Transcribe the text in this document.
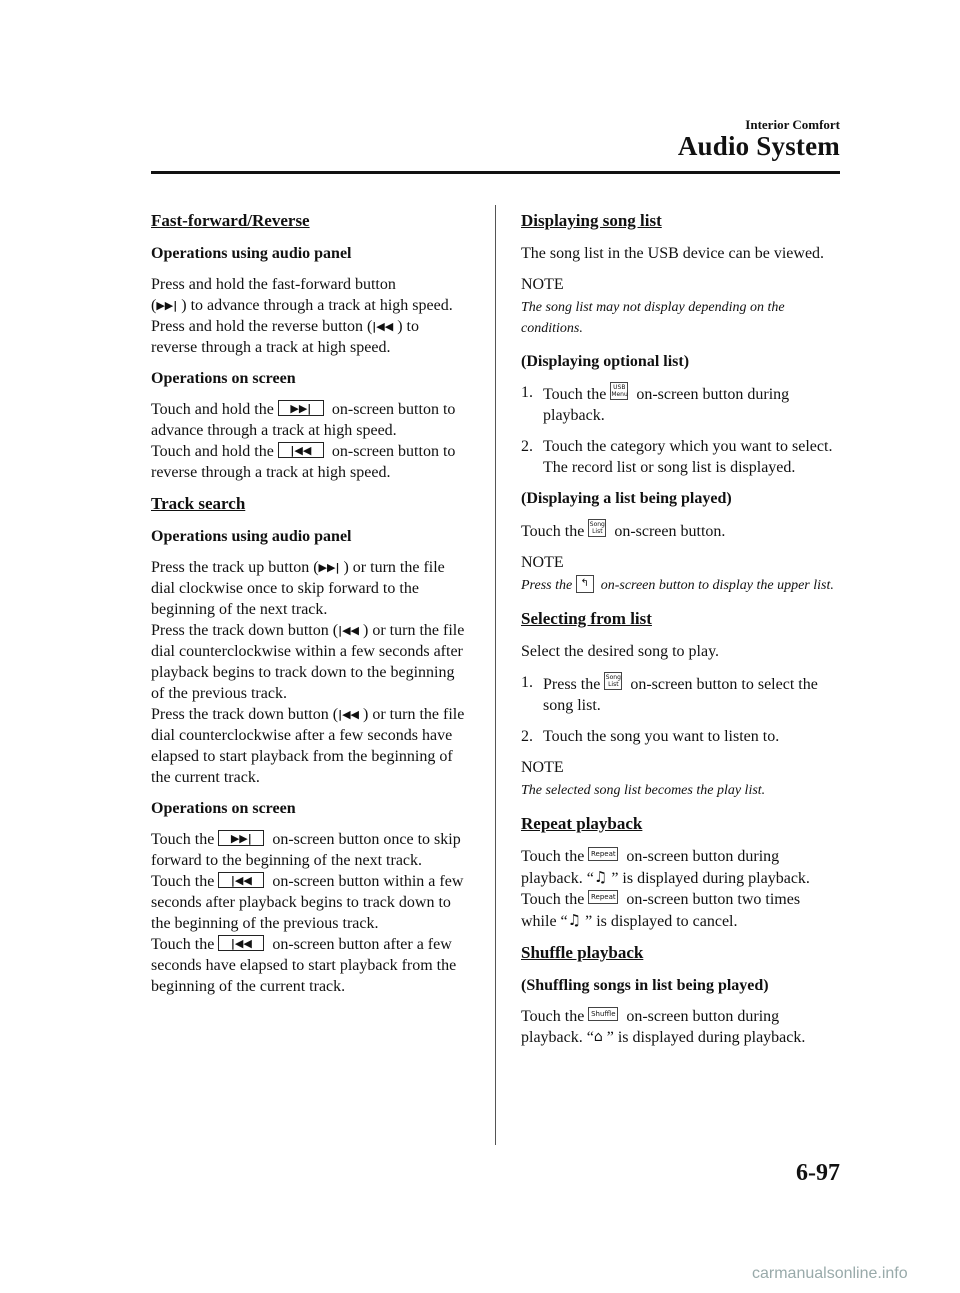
Interior Comfort
Audio System
Fast-forward/Reverse
Operations using audio panel
Press and hold the fast-forward button
(▶▶| ) to advance through a track at high speed.
Press and hold the reverse button (|◀◀ ) to reverse through a track at high speed.
Operations on screen
Touch and hold the ▶▶| on-screen button to advance through a track at high speed.
Touch and hold the |◀◀ on-screen button to reverse through a track at high speed.
Track search
Operations using audio panel
Press the track up button (▶▶| ) or turn the file dial clockwise once to skip forward to the beginning of the next track.
Press the track down button (|◀◀ ) or turn the file dial counterclockwise within a few seconds after playback begins to track down to the beginning of the previous track.
Press the track down button (|◀◀ ) or turn the file dial counterclockwise after a few seconds have elapsed to start playback from the beginning of the current track.
Operations on screen
Touch the ▶▶| on-screen button once to skip forward to the beginning of the next track.
Touch the |◀◀ on-screen button within a few seconds after playback begins to track down to the beginning of the previous track.
Touch the |◀◀ on-screen button after a few seconds have elapsed to start playback from the beginning of the current track.
Displaying song list
The song list in the USB device can be viewed.
NOTE
The song list may not display depending on the conditions.
(Displaying optional list)
1. Touch the USB
Menu on-screen button during playback.
2. Touch the category which you want to select. The record list or song list is displayed.
(Displaying a list being played)
Touch the Song
List on-screen button.
NOTE
Press the ↰ on-screen button to display the upper list.
Selecting from list
Select the desired song to play.
1. Press the Song
List on-screen button to select the song list.
2. Touch the song you want to listen to.
NOTE
The selected song list becomes the play list.
Repeat playback
Touch the Repeat on-screen button during playback. “♫ ” is displayed during playback.
Touch the Repeat on-screen button two times while “♫ ” is displayed to cancel.
Shuffle playback
(Shuffling songs in list being played)
Touch the Shuffle on-screen button during playback. “⌂ ” is displayed during playback.
6-97
carmanualsonline.info
